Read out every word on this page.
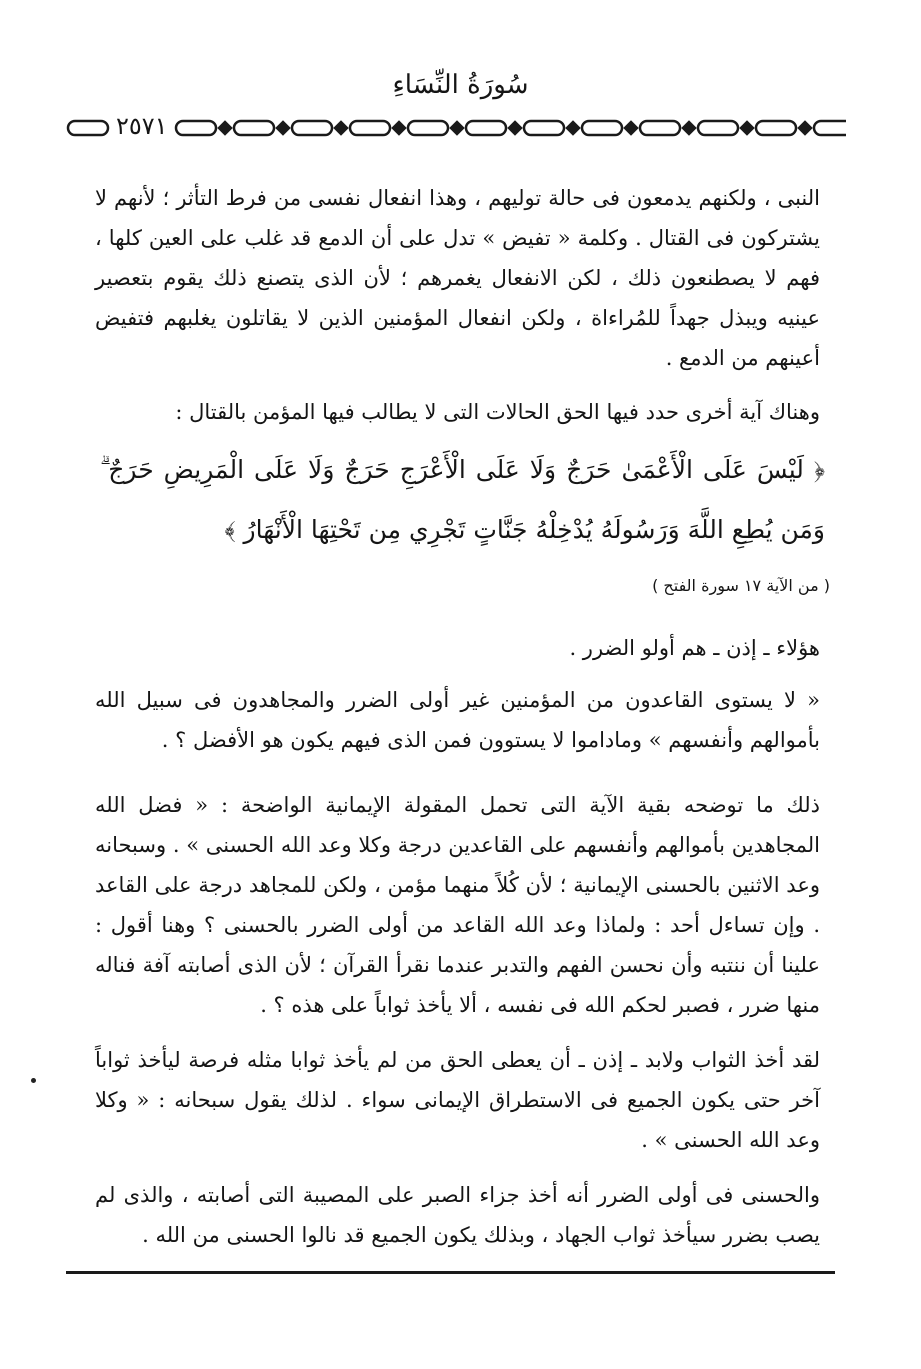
سُورَةُ النِّسَاءِ
٢٥٧١
النبى ، ولكنهم يدمعون فى حالة توليهم ، وهذا انفعال نفسى من فرط التأثر ؛ لأنهم لا يشتركون فى القتال . وكلمة « تفيض » تدل على أن الدمع قد غلب على العين كلها ، فهم لا يصطنعون ذلك ، لكن الانفعال يغمرهم ؛ لأن الذى يتصنع ذلك يقوم بتعصير عينيه ويبذل جهداً للمُراءاة ، ولكن انفعال المؤمنين الذين لا يقاتلون يغلبهم فتفيض أعينهم من الدمع .
وهناك آية أخرى حدد فيها الحق الحالات التى لا يطالب فيها المؤمن بالقتال :
﴿ لَيْسَ عَلَى الْأَعْمَىٰ حَرَجٌ وَلَا عَلَى الْأَعْرَجِ حَرَجٌ وَلَا عَلَى الْمَرِيضِ حَرَجٌ ۗ وَمَن يُطِعِ اللَّهَ وَرَسُولَهُ يُدْخِلْهُ جَنَّاتٍ تَجْرِي مِن تَحْتِهَا الْأَنْهَارُ ﴾
( من الآية ١٧ سورة الفتح )
هؤلاء ـ إذن ـ هم أولو الضرر .
« لا يستوى القاعدون من المؤمنين غير أولى الضرر والمجاهدون فى سبيل الله بأموالهم وأنفسهم » وماداموا لا يستوون فمن الذى فيهم يكون هو الأفضل ؟ .
ذلك ما توضحه بقية الآية التى تحمل المقولة الإيمانية الواضحة : « فضل الله المجاهدين بأموالهم وأنفسهم على القاعدين درجة وكلا وعد الله الحسنى » . وسبحانه وعد الاثنين بالحسنى الإيمانية ؛ لأن كُلاً منهما مؤمن ، ولكن للمجاهد درجة على القاعد . وإن تساءل أحد : ولماذا وعد الله القاعد من أولى الضرر بالحسنى ؟ وهنا أقول : علينا أن ننتبه وأن نحسن الفهم والتدبر عندما نقرأ القرآن ؛ لأن الذى أصابته آفة فناله منها ضرر ، فصبر لحكم الله فى نفسه ، ألا يأخذ ثواباً على هذه ؟ .
لقد أخذ الثواب ولابد ـ إذن ـ أن يعطى الحق من لم يأخذ ثوابا مثله فرصة ليأخذ ثواباً آخر حتى يكون الجميع فى الاستطراق الإيمانى سواء . لذلك يقول سبحانه : « وكلا وعد الله الحسنى » .
والحسنى فى أولى الضرر أنه أخذ جزاء الصبر على المصيبة التى أصابته ، والذى لم يصب بضرر سيأخذ ثواب الجهاد ، وبذلك يكون الجميع قد نالوا الحسنى من الله .
